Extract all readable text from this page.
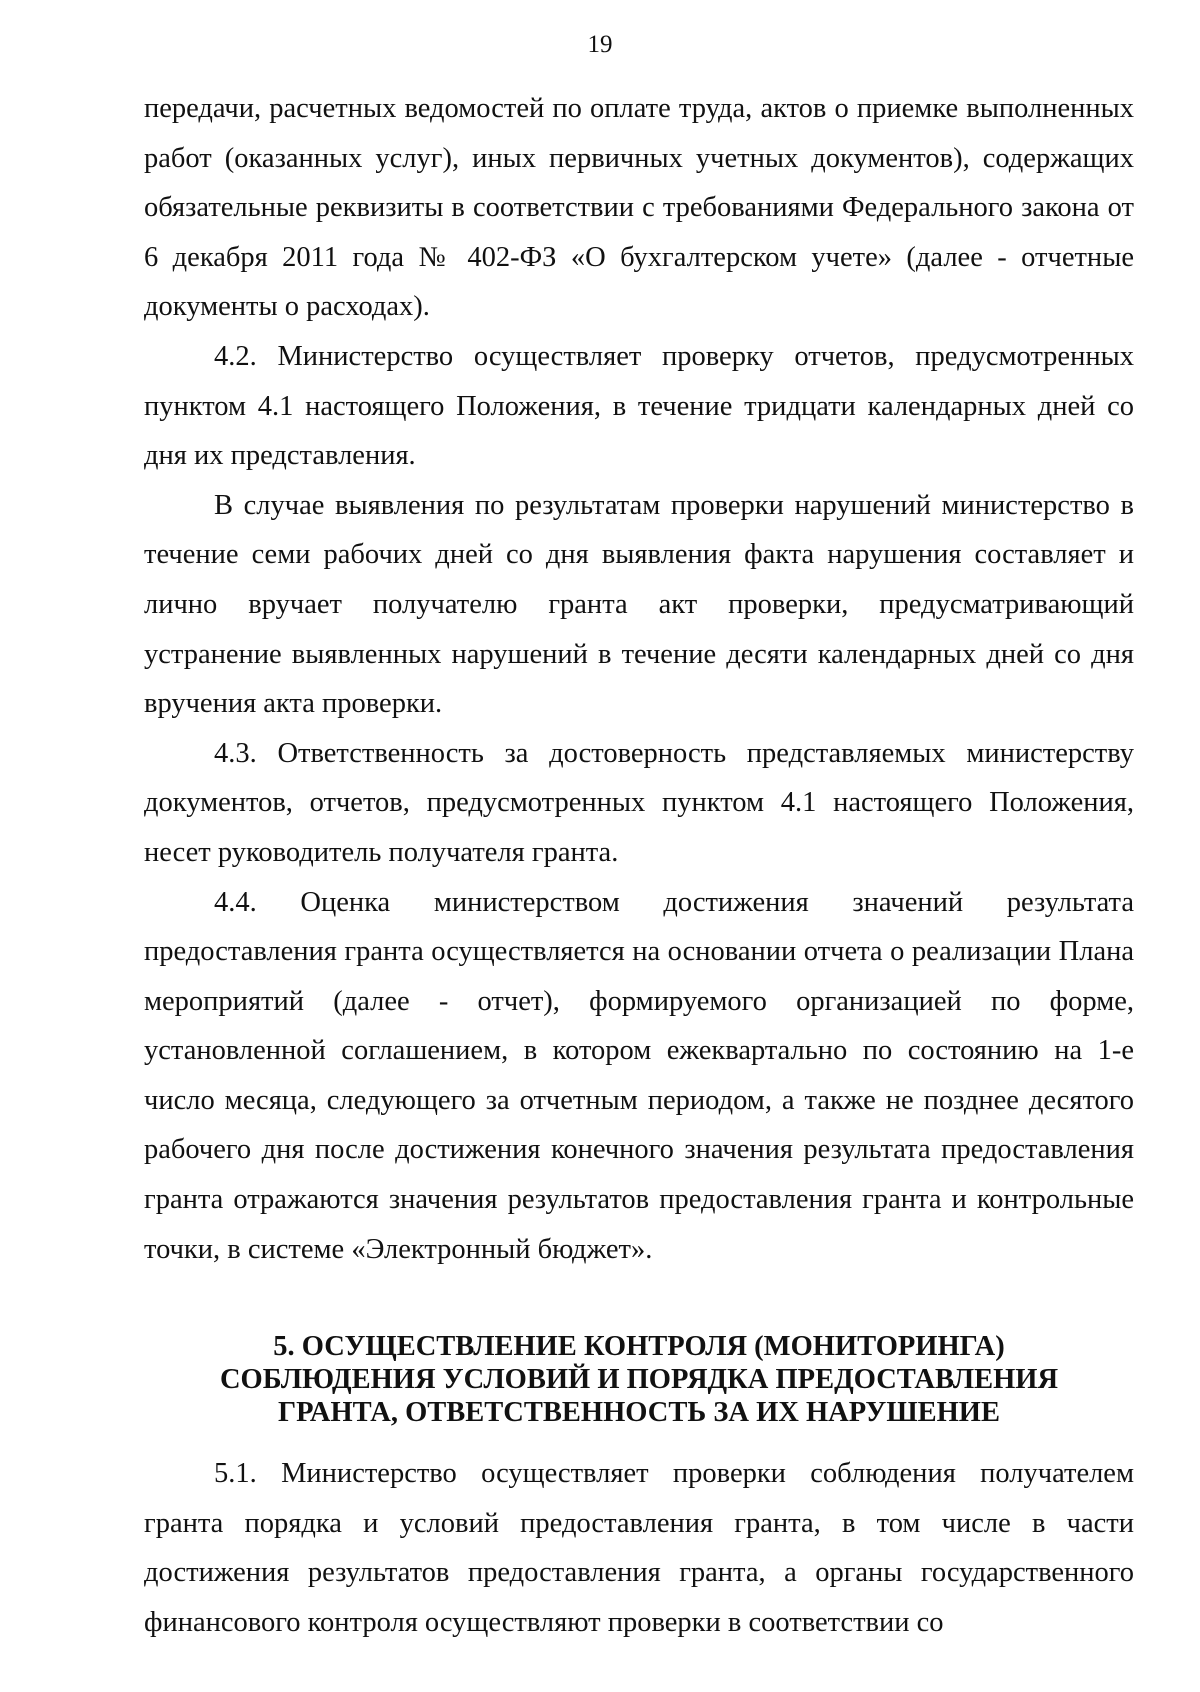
19

передачи, расчетных ведомостей по оплате труда, актов о приемке выполненных работ (оказанных услуг), иных первичных учетных документов), содержащих обязательные реквизиты в соответствии с требованиями Федерального закона от 6 декабря 2011 года № 402-ФЗ «О бухгалтерском учете» (далее - отчетные документы о расходах).

4.2. Министерство осуществляет проверку отчетов, предусмотренных пунктом 4.1 настоящего Положения, в течение тридцати календарных дней со дня их представления.

В случае выявления по результатам проверки нарушений министерство в течение семи рабочих дней со дня выявления факта нарушения составляет и лично вручает получателю гранта акт проверки, предусматривающий устранение выявленных нарушений в течение десяти календарных дней со дня вручения акта проверки.

4.3. Ответственность за достоверность представляемых министерству документов, отчетов, предусмотренных пунктом 4.1 настоящего Положения, несет руководитель получателя гранта.

4.4. Оценка министерством достижения значений результата предоставления гранта осуществляется на основании отчета о реализации Плана мероприятий (далее - отчет), формируемого организацией по форме, установленной соглашением, в котором ежеквартально по состоянию на 1-е число месяца, следующего за отчетным периодом, а также не позднее десятого рабочего дня после достижения конечного значения результата предоставления гранта отражаются значения результатов предоставления гранта и контрольные точки, в системе «Электронный бюджет».

5. ОСУЩЕСТВЛЕНИЕ КОНТРОЛЯ (МОНИТОРИНГА)
СОБЛЮДЕНИЯ УСЛОВИЙ И ПОРЯДКА ПРЕДОСТАВЛЕНИЯ
ГРАНТА, ОТВЕТСТВЕННОСТЬ ЗА ИХ НАРУШЕНИЕ

5.1. Министерство осуществляет проверки соблюдения получателем гранта порядка и условий предоставления гранта, в том числе в части достижения результатов предоставления гранта, а органы государственного финансового контроля осуществляют проверки в соответствии со
